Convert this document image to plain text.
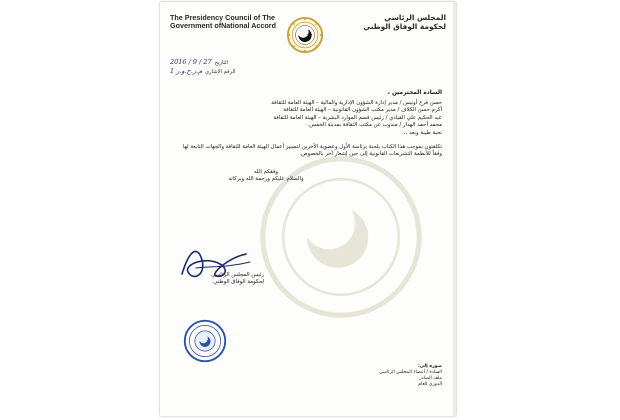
The Presidency Council of The
Government ofNational Accord
المجلس الرئاسي
لحكومة الوفاق الوطني
2016 / 9 / 27 التاريخ
م.ر.ح.و.ر 1 الرقم الإشاري
السادة المحترمين ،
حسن فرج أونيس / مدير إدارة الشؤون الإدارية والمالية – الهيئة العامة للثقافة
أكرم حسن الكلاف / مدير مكتب الشؤون القانونية – الهيئة العامة للثقافة
عبد الحكيم علي القيادي / رئيس قسم الموارد البشرية – الهيئة العامة للثقافة
محمد أحمد الهدار / مندوب عن مكتب الثقافة بمدينة الخمس.
تحية طيبة وبعد ،،
تكلفتون بموجب هذا الكتاب بلجنة برئاسة الأول وعضوية الآخرين لتسيير أعمال الهيئة العامة للثقافة والجهات التابعة لها وفقاً للأنظمة التشريعات القانونية إلى حين إشعار آخر بالخصوص.
وفقكم الله
والسلام عليكم ورحمة الله وبركاته
رئيس المجلس الرئاسي
لحكومة الوفاق الوطني
صورة إلى:
السادة / أعضاء المجلس الرئاسي
ملف الصادر
الدوري العام
